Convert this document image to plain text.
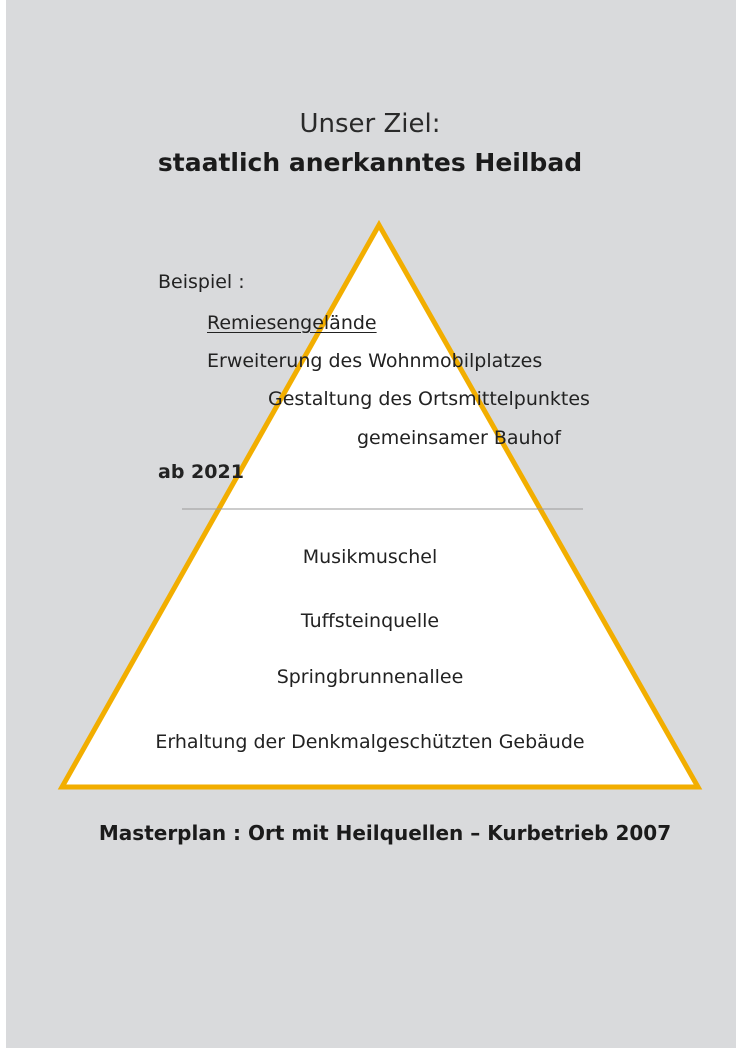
Unser Ziel:

staatlich anerkanntes Heilbad

Beispiel :

Remiesengelände

Erweiterung des Wohnmobilplatzes

Gestaltung des Ortsmittelpunktes

gemeinsamer Bauhof

ab 2021

Musikmuschel

Tuffsteinquelle

Springbrunnenallee

Erhaltung der Denkmalgeschützten Gebäude

Masterplan : Ort mit Heilquellen – Kurbetrieb 2007
